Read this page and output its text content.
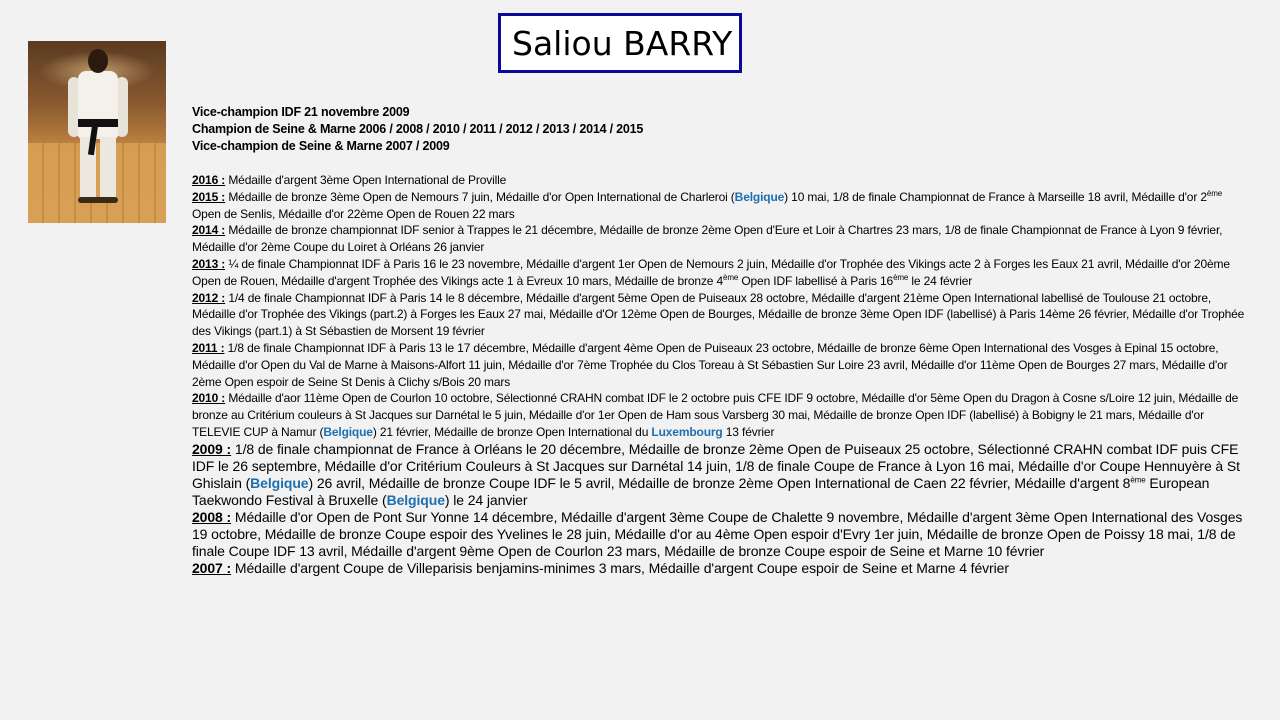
Saliou BARRY
Vice-champion IDF 21 novembre 2009
Champion de Seine & Marne 2006 / 2008 / 2010 / 2011 / 2012 / 2013 / 2014 / 2015
Vice-champion de Seine & Marne 2007 / 2009
2016 : Médaille d'argent 3ème Open International de Proville
2015 : Médaille de bronze 3ème Open de Nemours 7 juin, Médaille d'or Open International de Charleroi (Belgique) 10 mai, 1/8 de finale Championnat de France à Marseille 18 avril, Médaille d'or 2ème Open de Senlis, Médaille d'or 22ème Open de Rouen 22 mars
2014 : Médaille de bronze championnat IDF senior à Trappes le 21 décembre, Médaille de bronze 2ème Open d'Eure et Loir à Chartres 23 mars, 1/8 de finale Championnat de France à Lyon 9 février, Médaille d'or 2ème Coupe du Loiret à Orléans 26 janvier
2013 : ¼ de finale Championnat IDF à Paris 16 le 23 novembre, Médaille d'argent 1er Open de Nemours 2 juin, Médaille d'or Trophée des Vikings acte 2 à Forges les Eaux 21 avril, Médaille d'or 20ème Open de Rouen, Médaille d'argent Trophée des Vikings acte 1 à Evreux 10 mars, Médaille de bronze 4ème Open IDF labellisé à Paris 16ème le 24 février
2012 : 1/4 de finale Championnat IDF à Paris 14 le 8 décembre, Médaille d'argent 5ème Open de Puiseaux 28 octobre, Médaille d'argent 21ème Open International labellisé de Toulouse 21 octobre, Médaille d'or Trophée des Vikings (part.2) à Forges les Eaux 27 mai, Médaille d'Or 12ème Open de Bourges, Médaille de bronze 3ème Open IDF (labellisé) à Paris 14ème 26 février, Médaille d'or Trophée des Vikings (part.1) à St Sébastien de Morsent 19 février
2011 : 1/8 de finale Championnat IDF à Paris 13 le 17 décembre, Médaille d'argent 4ème Open de Puiseaux 23 octobre, Médaille de bronze 6ème Open International des Vosges à Epinal 15 octobre, Médaille d'or Open du Val de Marne à Maisons-Alfort 11 juin, Médaille d'or 7ème Trophée du Clos Toreau à St Sébastien Sur Loire 23 avril, Médaille d'or 11ème Open de Bourges 27 mars, Médaille d'or 2ème Open espoir de Seine St Denis à Clichy s/Bois 20 mars
2010 : Médaille d'aor 11ème Open de Courlon 10 octobre, Sélectionné CRAHN combat IDF le 2 octobre puis CFE IDF 9 octobre, Médaille d'or 5ème Open du Dragon à Cosne s/Loire 12 juin, Médaille de bronze au Critérium couleurs à St Jacques sur Darnétal le 5 juin, Médaille d'or 1er Open de Ham sous Varsberg 30 mai, Médaille de bronze Open IDF (labellisé) à Bobigny le 21 mars, Médaille d'or TELEVIE CUP à Namur (Belgique) 21 février, Médaille de bronze Open International du Luxembourg 13 février
2009 : 1/8 de finale championnat de France à Orléans le 20 décembre, Médaille de bronze 2ème Open de Puiseaux 25 octobre, Sélectionné CRAHN combat IDF puis CFE IDF le 26 septembre, Médaille d'or Critérium Couleurs à St Jacques sur Darnétal 14 juin, 1/8 de finale Coupe de France à Lyon 16 mai, Médaille d'or Coupe Hennuyère à St Ghislain (Belgique) 26 avril, Médaille de bronze Coupe IDF le 5 avril, Médaille de bronze 2ème Open International de Caen 22 février, Médaille d'argent 8ème European Taekwondo Festival à Bruxelle (Belgique) le 24 janvier
2008 : Médaille d'or Open de Pont Sur Yonne 14 décembre, Médaille d'argent 3ème Coupe de Chalette 9 novembre, Médaille d'argent 3ème Open International des Vosges 19 octobre, Médaille de bronze Coupe espoir des Yvelines le 28 juin, Médaille d'or au 4ème Open espoir d'Evry 1er juin, Médaille de bronze Open de Poissy 18 mai, 1/8 de finale Coupe IDF 13 avril, Médaille d'argent 9ème Open de Courlon 23 mars, Médaille de bronze Coupe espoir de Seine et Marne 10 février
2007 : Médaille d'argent Coupe de Villeparisis benjamins-minimes 3 mars, Médaille d'argent Coupe espoir de Seine et Marne 4 février
